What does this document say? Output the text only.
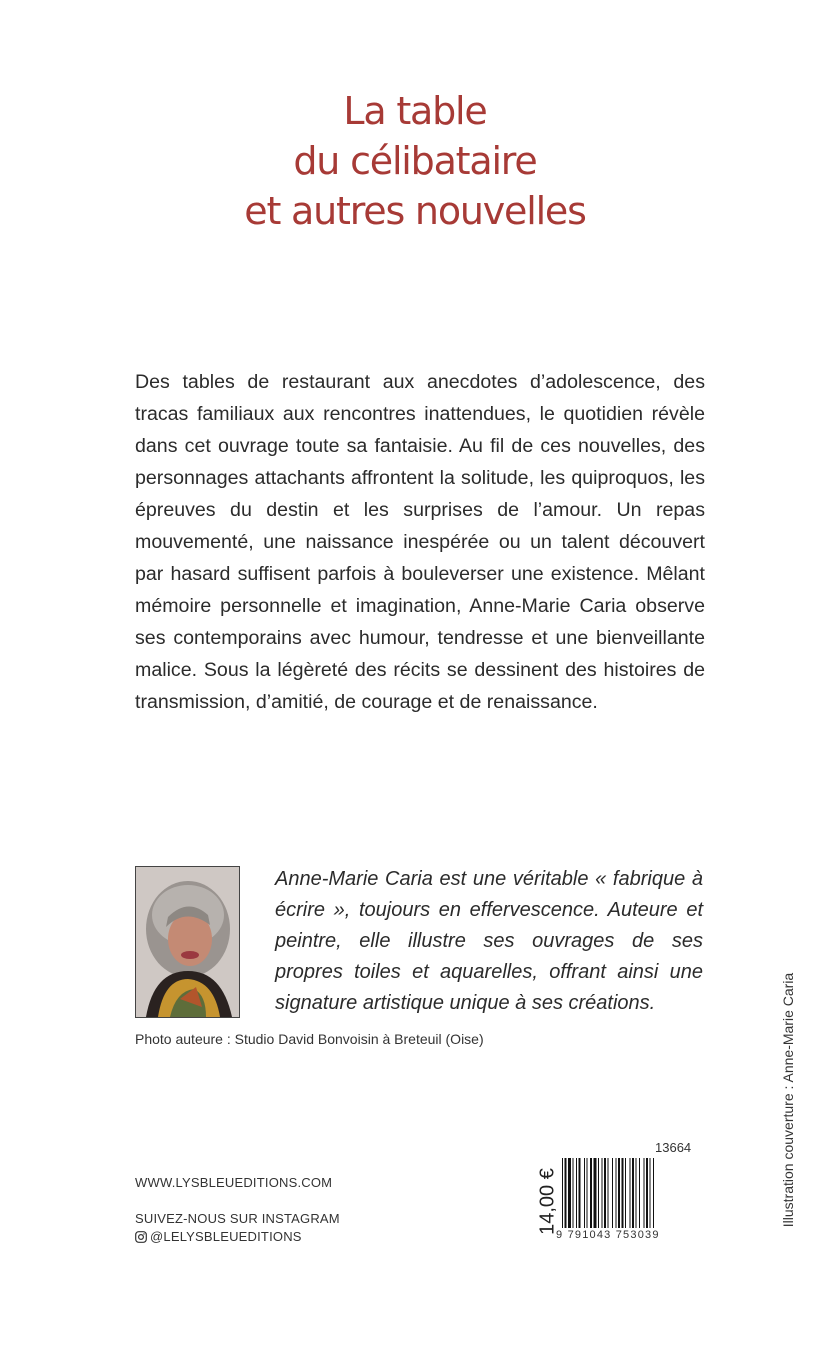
La table
du célibataire
et autres nouvelles
Des tables de restaurant aux anecdotes d’adolescence, des tracas familiaux aux rencontres inattendues, le quotidien révèle dans cet ouvrage toute sa fantaisie. Au fil de ces nouvelles, des personnages attachants affrontent la solitude, les quiproquos, les épreuves du destin et les surprises de l’amour. Un repas mouvementé, une naissance inespérée ou un talent découvert par hasard suffisent parfois à bouleverser une existence. Mêlant mémoire personnelle et imagination, Anne-Marie Caria observe ses contemporains avec humour, tendresse et une bienveillante malice. Sous la légèreté des récits se dessinent des histoires de transmission, d’amitié, de courage et de renaissance.
Anne-Marie Caria est une véritable « fabrique à écrire », toujours en effervescence. Auteure et peintre, elle illustre ses ouvrages de ses propres toiles et aquarelles, offrant ainsi une signature artistique unique à ses créations.
Photo auteure : Studio David Bonvoisin à Breteuil (Oise)
WWW.LYSBLEUEDITIONS.COM
SUIVEZ-NOUS SUR INSTAGRAM
@LELYSBLEUEDITIONS
13664
14,00 €
9 791043 753039
Illustration couverture : Anne-Marie Caria
